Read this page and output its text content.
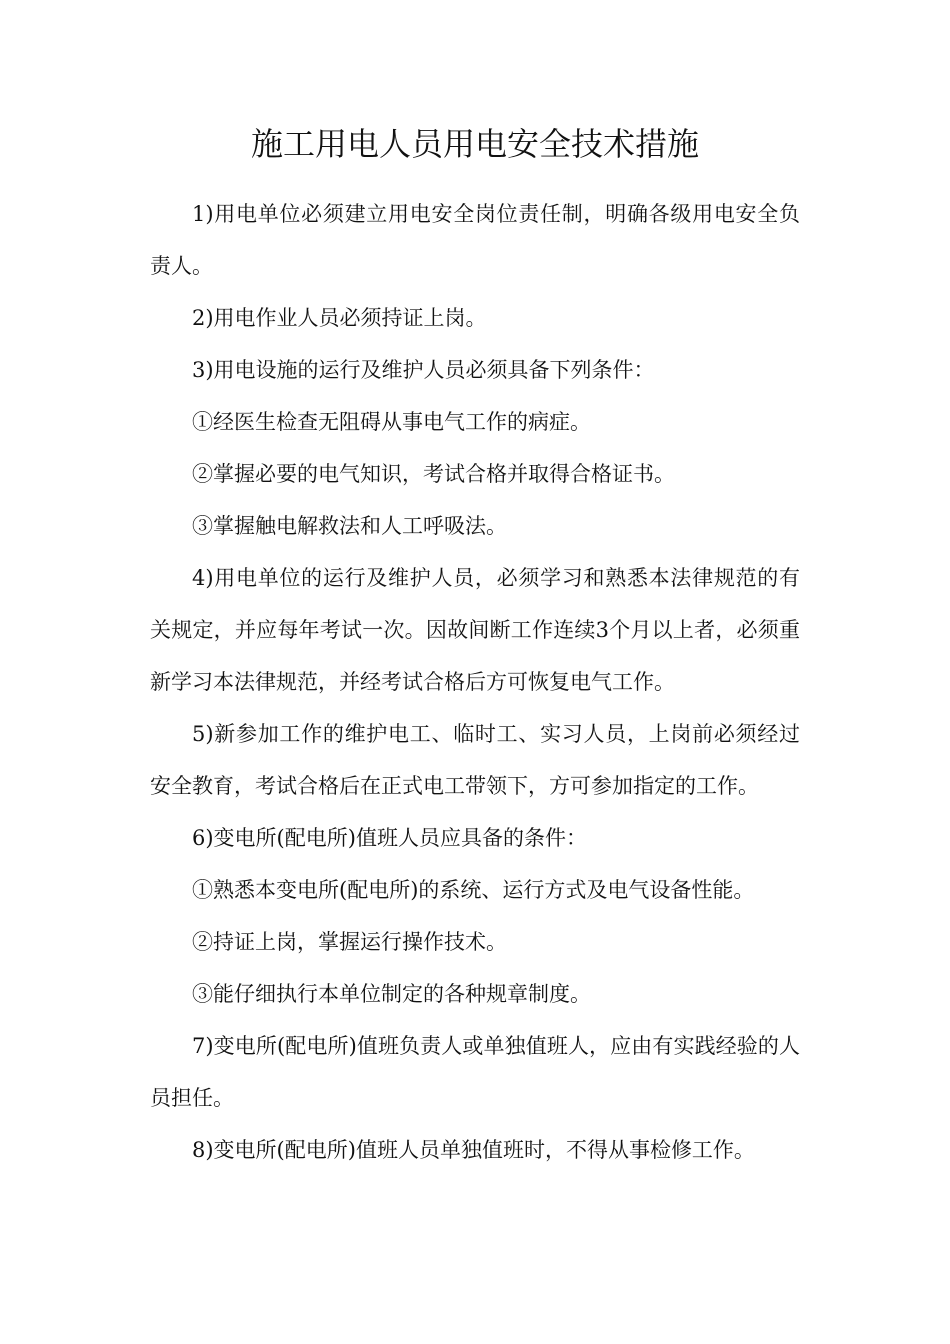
施工用电人员用电安全技术措施

1)用电单位必须建立用电安全岗位责任制，明确各级用电安全负责人。

2)用电作业人员必须持证上岗。

3)用电设施的运行及维护人员必须具备下列条件：

①经医生检查无阻碍从事电气工作的病症。

②掌握必要的电气知识，考试合格并取得合格证书。

③掌握触电解救法和人工呼吸法。

4)用电单位的运行及维护人员，必须学习和熟悉本法律规范的有关规定，并应每年考试一次。因故间断工作连续3个月以上者，必须重新学习本法律规范，并经考试合格后方可恢复电气工作。

5)新参加工作的维护电工、临时工、实习人员，上岗前必须经过安全教育，考试合格后在正式电工带领下，方可参加指定的工作。

6)变电所(配电所)值班人员应具备的条件：

①熟悉本变电所(配电所)的系统、运行方式及电气设备性能。

②持证上岗，掌握运行操作技术。

③能仔细执行本单位制定的各种规章制度。

7)变电所(配电所)值班负责人或单独值班人，应由有实践经验的人员担任。

8)变电所(配电所)值班人员单独值班时，不得从事检修工作。
